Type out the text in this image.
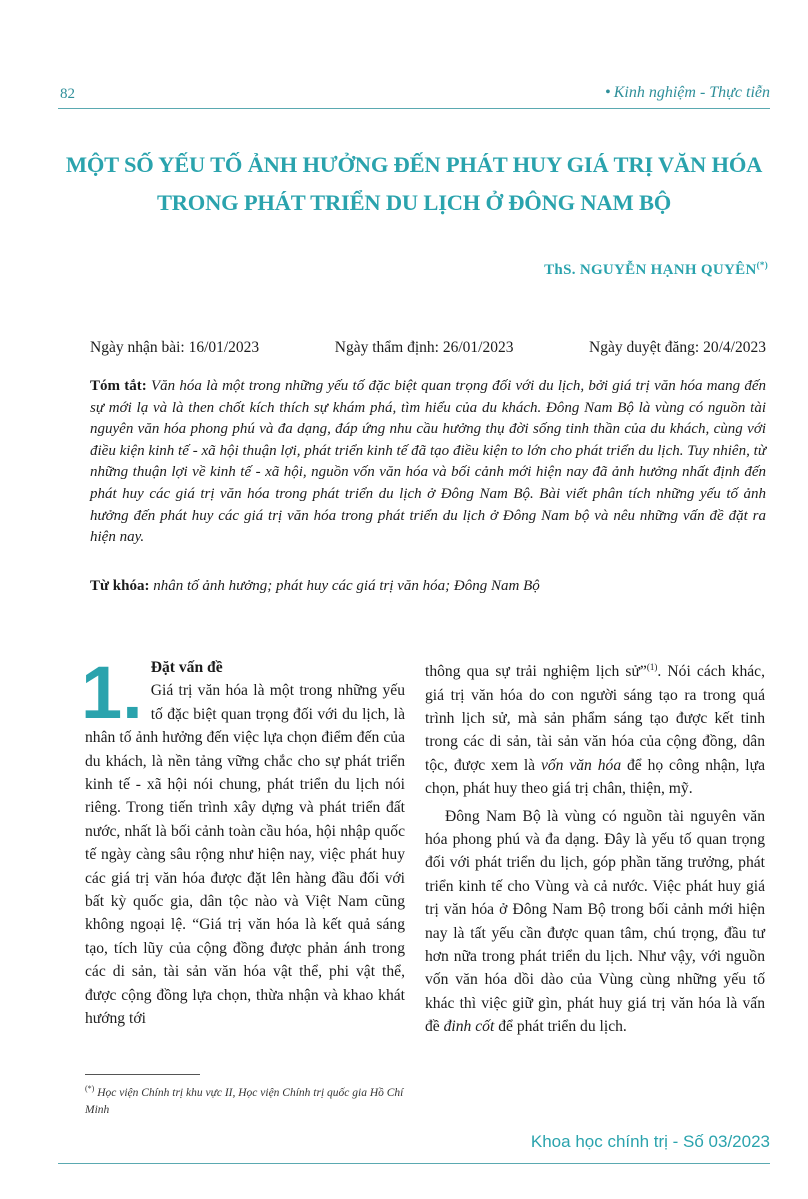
82	• Kinh nghiệm - Thực tiễn
MỘT SỐ YẾU TỐ ẢNH HƯỞNG ĐẾN PHÁT HUY GIÁ TRỊ VĂN HÓA
TRONG PHÁT TRIỂN DU LỊCH Ở ĐÔNG NAM BỘ
ThS. NGUYỄN HẠNH QUYÊN(*)
Ngày nhận bài: 16/01/2023	Ngày thẩm định: 26/01/2023	Ngày duyệt đăng: 20/4/2023
Tóm tắt: Văn hóa là một trong những yếu tố đặc biệt quan trọng đối với du lịch, bởi giá trị văn hóa mang đến sự mới lạ và là then chốt kích thích sự khám phá, tìm hiểu của du khách. Đông Nam Bộ là vùng có nguồn tài nguyên văn hóa phong phú và đa dạng, đáp ứng nhu cầu hưởng thụ đời sống tinh thần của du khách, cùng với điều kiện kinh tế - xã hội thuận lợi, phát triển kinh tế đã tạo điều kiện to lớn cho phát triển du lịch. Tuy nhiên, từ những thuận lợi về kinh tế - xã hội, nguồn vốn văn hóa và bối cảnh mới hiện nay đã ảnh hưởng nhất định đến phát huy các giá trị văn hóa trong phát triển du lịch ở Đông Nam Bộ. Bài viết phân tích những yếu tố ảnh hưởng đến phát huy các giá trị văn hóa trong phát triển du lịch ở Đông Nam bộ và nêu những vấn đề đặt ra hiện nay.
Từ khóa: nhân tố ảnh hưởng; phát huy các giá trị văn hóa; Đông Nam Bộ
1. Đặt vấn đề

Giá trị văn hóa là một trong những yếu tố đặc biệt quan trọng đối với du lịch, là nhân tố ảnh hưởng đến việc lựa chọn điểm đến của du khách, là nền tảng vững chắc cho sự phát triển kinh tế - xã hội nói chung, phát triển du lịch nói riêng. Trong tiến trình xây dựng và phát triển đất nước, nhất là bối cảnh toàn cầu hóa, hội nhập quốc tế ngày càng sâu rộng như hiện nay, việc phát huy các giá trị văn hóa được đặt lên hàng đầu đối với bất kỳ quốc gia, dân tộc nào và Việt Nam cũng không ngoại lệ. “Giá trị văn hóa là kết quả sáng tạo, tích lũy của cộng đồng được phản ánh trong các di sản, tài sản văn hóa vật thể, phi vật thể, được cộng đồng lựa chọn, thừa nhận và khao khát hướng tới

thông qua sự trải nghiệm lịch sử”$^{(1)}$. Nói cách khác, giá trị văn hóa do con người sáng tạo ra trong quá trình lịch sử, mà sản phẩm sáng tạo được kết tinh trong các di sản, tài sản văn hóa của cộng đồng, dân tộc, được xem là vốn văn hóa để họ công nhận, lựa chọn, phát huy theo giá trị chân, thiện, mỹ.

Đông Nam Bộ là vùng có nguồn tài nguyên văn hóa phong phú và đa dạng. Đây là yếu tố quan trọng đối với phát triển du lịch, góp phần tăng trưởng, phát triển kinh tế cho Vùng và cả nước. Việc phát huy giá trị văn hóa ở Đông Nam Bộ trong bối cảnh mới hiện nay là tất yếu cần được quan tâm, chú trọng, đầu tư hơn nữa trong phát triển du lịch. Như vậy, với nguồn vốn văn hóa dồi dào của Vùng cùng những yếu tố khác thì việc giữ gìn, phát huy giá trị văn hóa là vấn đề đinh cốt để phát triển du lịch.

(*) Học viện Chính trị khu vực II, Học viện Chính trị quốc gia Hồ Chí Minh
Khoa học chính trị - Số 03/2023
